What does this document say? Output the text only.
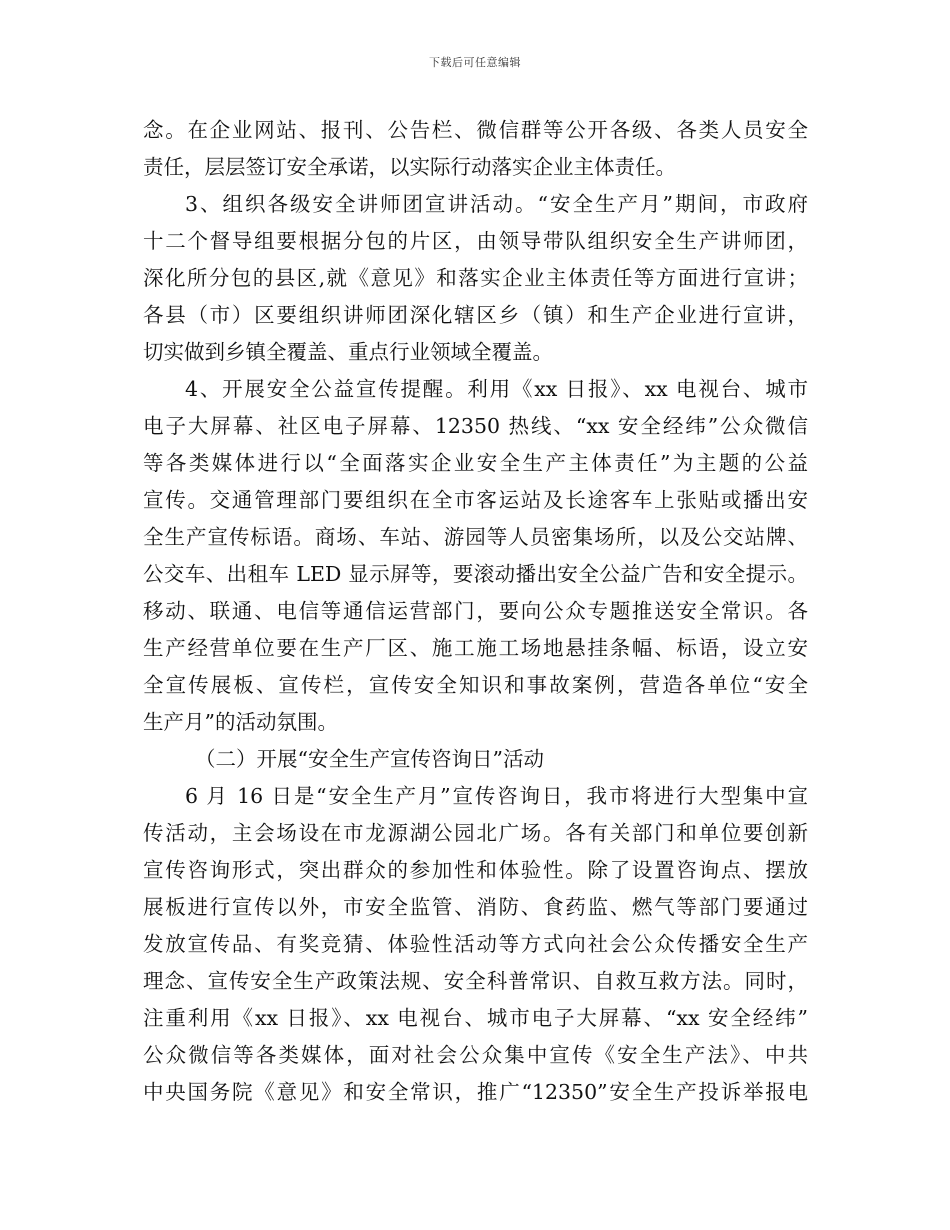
下载后可任意编辑
念。在企业网站、报刊、公告栏、微信群等公开各级、各类人员安全
责任，层层签订安全承诺，以实际行动落实企业主体责任。
3、组织各级安全讲师团宣讲活动。“安全生产月”期间，市政府
十二个督导组要根据分包的片区，由领导带队组织安全生产讲师团，
深化所分包的县区,就《意见》和落实企业主体责任等方面进行宣讲；
各县（市）区要组织讲师团深化辖区乡（镇）和生产企业进行宣讲，
切实做到乡镇全覆盖、重点行业领域全覆盖。
4、开展安全公益宣传提醒。利用《xx 日报》、xx 电视台、城市
电子大屏幕、社区电子屏幕、12350 热线、“xx 安全经纬”公众微信
等各类媒体进行以“全面落实企业安全生产主体责任”为主题的公益
宣传。交通管理部门要组织在全市客运站及长途客车上张贴或播出安
全生产宣传标语。商场、车站、游园等人员密集场所，以及公交站牌、
公交车、出租车 LED 显示屏等，要滚动播出安全公益广告和安全提示。
移动、联通、电信等通信运营部门，要向公众专题推送安全常识。各
生产经营单位要在生产厂区、施工施工场地悬挂条幅、标语，设立安
全宣传展板、宣传栏，宣传安全知识和事故案例，营造各单位“安全
生产月”的活动氛围。
（二）开展“安全生产宣传咨询日”活动
6 月 16 日是“安全生产月”宣传咨询日，我市将进行大型集中宣
传活动，主会场设在市龙源湖公园北广场。各有关部门和单位要创新
宣传咨询形式，突出群众的参加性和体验性。除了设置咨询点、摆放
展板进行宣传以外，市安全监管、消防、食药监、燃气等部门要通过
发放宣传品、有奖竞猜、体验性活动等方式向社会公众传播安全生产
理念、宣传安全生产政策法规、安全科普常识、自救互救方法。同时，
注重利用《xx 日报》、xx 电视台、城市电子大屏幕、“xx 安全经纬”
公众微信等各类媒体，面对社会公众集中宣传《安全生产法》、中共
中央国务院《意见》和安全常识，推广“12350”安全生产投诉举报电
